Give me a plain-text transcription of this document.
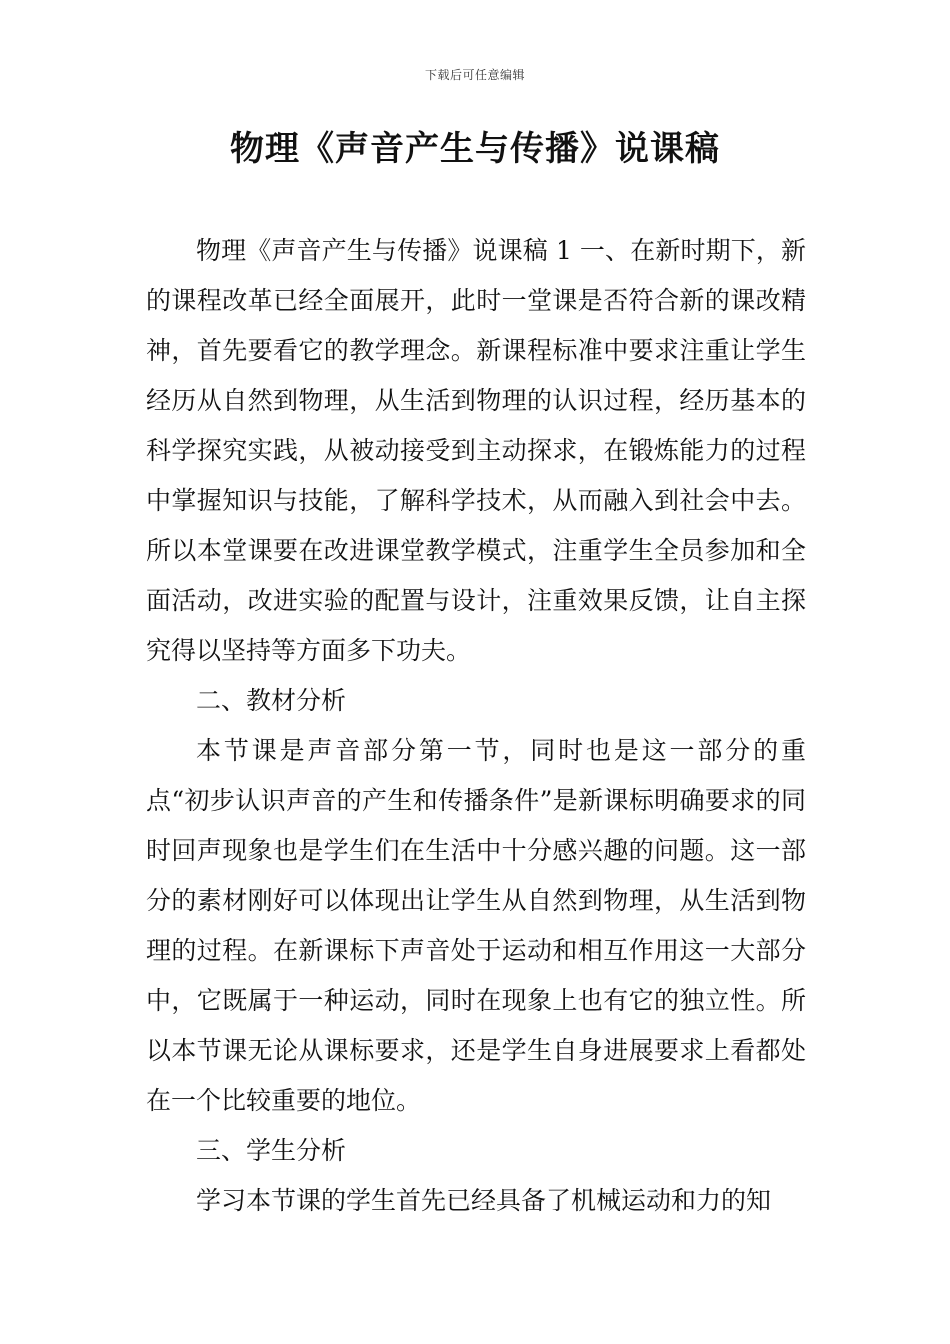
下载后可任意编辑
物理《声音产生与传播》说课稿

物理《声音产生与传播》说课稿 1 一、在新时期下，新的课程改革已经全面展开，此时一堂课是否符合新的课改精神，首先要看它的教学理念。新课程标准中要求注重让学生经历从自然到物理，从生活到物理的认识过程，经历基本的科学探究实践，从被动接受到主动探求，在锻炼能力的过程中掌握知识与技能，了解科学技术，从而融入到社会中去。所以本堂课要在改进课堂教学模式，注重学生全员参加和全面活动，改进实验的配置与设计，注重效果反馈，让自主探究得以坚持等方面多下功夫。

二、教材分析

本节课是声音部分第一节，同时也是这一部分的重点“初步认识声音的产生和传播条件”是新课标明确要求的同时回声现象也是学生们在生活中十分感兴趣的问题。这一部分的素材刚好可以体现出让学生从自然到物理，从生活到物理的过程。在新课标下声音处于运动和相互作用这一大部分中，它既属于一种运动，同时在现象上也有它的独立性。所以本节课无论从课标要求，还是学生自身进展要求上看都处在一个比较重要的地位。

三、学生分析

学习本节课的学生首先已经具备了机械运动和力的知
